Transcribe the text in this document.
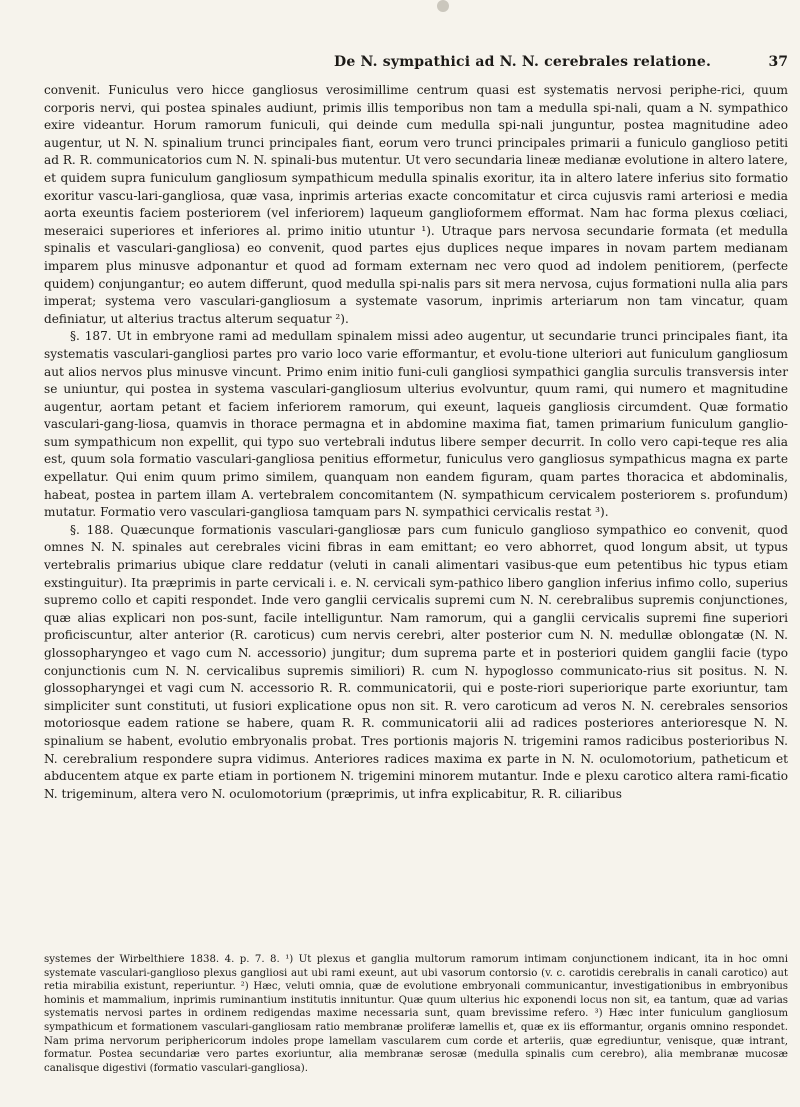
De N. sympathici ad N. N. cerebrales relatione.	37

convenit. Funiculus vero hicce gangliosus verosimillime centrum quasi est systematis nervosi periphe-rici, quum corporis nervi, qui postea spinales audiunt, primis illis temporibus non tam a medulla spi-nali, quam a N. sympathico exire videantur. Horum ramorum funiculi, qui deinde cum medulla spi-nali junguntur, postea magnitudine adeo augentur, ut N. N. spinalium trunci principales fiant, eorum vero trunci principales primarii a funiculo ganglioso petiti ad R. R. communicatorios cum N. N. spinali-bus mutentur. Ut vero secundaria lineæ medianæ evolutione in altero latere, et quidem supra funiculum gangliosum sympathicum medulla spinalis exoritur, ita in altero latere inferius sito formatio exoritur vascu-lari-gangliosa, quæ vasa, inprimis arterias exacte concomitatur et circa cujusvis rami arteriosi e media aorta exeuntis faciem posteriorem (vel inferiorem) laqueum ganglioformem efformat. Nam hac forma plexus cœliaci, meseraici superiores et inferiores al. primo initio utuntur ¹). Utraque pars nervosa secundarie formata (et medulla spinalis et vasculari-gangliosa) eo convenit, quod partes ejus duplices neque impares in novam partem medianam imparem plus minusve adponantur et quod ad formam externam nec vero quod ad indolem penitiorem, (perfecte quidem) conjungantur; eo autem differunt, quod medulla spi-nalis pars sit mera nervosa, cujus formationi nulla alia pars imperat; systema vero vasculari-gangliosum a systemate vasorum, inprimis arteriarum non tam vincatur, quam definiatur, ut alterius tractus alterum sequatur ²).

§. 187. Ut in embryone rami ad medullam spinalem missi adeo augentur, ut secundarie trunci principales fiant, ita systematis vasculari-gangliosi partes pro vario loco varie efformantur, et evolu-tione ulteriori aut funiculum gangliosum aut alios nervos plus minusve vincunt. Primo enim initio funi-culi gangliosi sympathici ganglia surculis transversis inter se uniuntur, qui postea in systema vasculari-gangliosum ulterius evolvuntur, quum rami, qui numero et magnitudine augentur, aortam petant et faciem inferiorem ramorum, qui exeunt, laqueis gangliosis circumdent. Quæ formatio vasculari-gang-liosa, quamvis in thorace permagna et in abdomine maxima fiat, tamen primarium funiculum ganglio-sum sympathicum non expellit, qui typo suo vertebrali indutus libere semper decurrit. In collo vero capi-teque res alia est, quum sola formatio vasculari-gangliosa penitius efformetur, funiculus vero gangliosus sympathicus magna ex parte expellatur. Qui enim quum primo similem, quanquam non eandem figuram, quam partes thoracica et abdominalis, habeat, postea in partem illam A. vertebralem concomitantem (N. sympathicum cervicalem posteriorem s. profundum) mutatur. Formatio vero vasculari-gangliosa tamquam pars N. sympathici cervicalis restat ³).

§. 188. Quæcunque formationis vasculari-gangliosæ pars cum funiculo ganglioso sympathico eo convenit, quod omnes N. N. spinales aut cerebrales vicini fibras in eam emittant; eo vero abhorret, quod longum absit, ut typus vertebralis primarius ubique clare reddatur (veluti in canali alimentari vasibus-que eum petentibus hic typus etiam exstinguitur). Ita præprimis in parte cervicali i. e. N. cervicali sym-pathico libero ganglion inferius infimo collo, superius supremo collo et capiti respondet. Inde vero ganglii cervicalis supremi cum N. N. cerebralibus supremis conjunctiones, quæ alias explicari non pos-sunt, facile intelliguntur. Nam ramorum, qui a ganglii cervicalis supremi fine superiori proficiscuntur, alter anterior (R. caroticus) cum nervis cerebri, alter posterior cum N. N. medullæ oblongatæ (N. N. glossopharyngeo et vago cum N. accessorio) jungitur; dum suprema parte et in posteriori quidem ganglii facie (typo conjunctionis cum N. N. cervicalibus supremis similiori) R. cum N. hypoglosso communicato-rius sit positus. N. N. glossopharyngei et vagi cum N. accessorio R. R. communicatorii, qui e poste-riori superiorique parte exoriuntur, tam simpliciter sunt constituti, ut fusiori explicatione opus non sit. R. vero caroticum ad veros N. N. cerebrales sensorios motoriosque eadem ratione se habere, quam R. R. communicatorii alii ad radices posteriores anterioresque N. N. spinalium se habent, evolutio embryonalis probat. Tres portionis majoris N. trigemini ramos radicibus posterioribus N. N. cerebralium respondere supra vidimus. Anteriores radices maxima ex parte in N. N. oculomotorium, patheticum et abducentem atque ex parte etiam in portionem N. trigemini minorem mutantur. Inde e plexu carotico altera rami-ficatio N. trigeminum, altera vero N. oculomotorium (præprimis, ut infra explicabitur, R. R. ciliaribus

systemes der Wirbelthiere 1838. 4. p. 7. 8. ¹) Ut plexus et ganglia multorum ramorum intimam conjunctionem indicant, ita in hoc omni systemate vasculari-ganglioso plexus gangliosi aut ubi rami exeunt, aut ubi vasorum contorsio (v. c. carotidis cerebralis in canali carotico) aut retia mirabilia existunt, reperiuntur. ²) Hæc, veluti omnia, quæ de evolutione embryonali communicantur, investigationibus in embryonibus hominis et mammalium, inprimis ruminantium institutis innituntur. Quæ quum ulterius hic exponendi locus non sit, ea tantum, quæ ad varias systematis nervosi partes in ordinem redigendas maxime necessaria sunt, quam brevissime refero. ³) Hæc inter funiculum gangliosum sympathicum et formationem vasculari-gangliosam ratio membranæ proliferæ lamellis et, quæ ex iis efformantur, organis omnino respondet. Nam prima nervorum periphericorum indoles prope lamellam vascularem cum corde et arteriis, quæ egrediuntur, venisque, quæ intrant, formatur. Postea secundariæ vero partes exoriuntur, alia membranæ serosæ (medulla spinalis cum cerebro), alia membranæ mucosæ canalisque digestivi (formatio vasculari-gangliosa).
